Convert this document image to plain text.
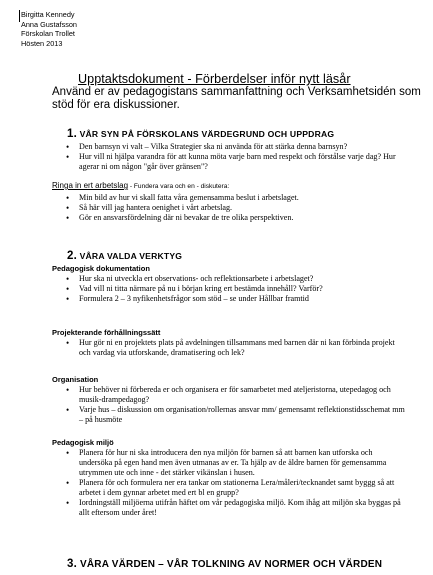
Birgitta Kennedy
Anna Gustafsson
Förskolan Trollet
Hösten 2013
Upptaktsdokument - Förberdelser inför nytt läsår
Använd er av pedagogistans sammanfattning och Verksamhetsidén som stöd för era diskussioner.
1. VÅR SYN PÅ FÖRSKOLANS VÄRDEGRUND OCH UPPDRAG
• Den barnsyn vi valt – Vilka Strategier ska ni använda för att stärka denna barnsyn?
• Hur vill ni hjälpa varandra för att kunna möta varje barn med respekt och förstålse varje dag? Hur agerar ni om någon "går över gränsen"?
Ringa in ert arbetslag - Fundera vara och en - diskutera:
• Min bild av hur vi skall fatta våra gemensamma beslut i arbetslaget.
• Så här vill jag hantera oenighet i vårt arbetslag.
• Gör en ansvarsfördelning där ni bevakar de tre olika perspektiven.
2. VÅRA VALDA VERKTYG
Pedagogisk dokumentation
• Hur ska ni utveckla ert observations- och reflektionsarbete i arbetslaget?
• Vad vill ni titta närmare på nu i början kring ert bestämda innehåll? Varför?
• Formulera 2 – 3 nyfikenhetsfrågor som stöd – se under Hållbar framtid
Projekterande förhållningssätt
• Hur gör ni en projektets plats på avdelningen tillsammans med barnen där ni kan förbinda projekt och vardag via utforskande, dramatisering och lek?
Organisation
• Hur behöver ni förbereda er och organisera er för samarbetet med ateljeristorna, utepedagog och musik-drampedagog?
• Varje hus – diskussion om organisation/rollernas ansvar mm/ gemensamt reflektionstidsschemat mm – på husmöte
Pedagogisk miljö
• Planera för hur ni ska introducera den nya miljön för barnen så att barnen kan utforska och undersöka på egen hand men även utmanas av er. Ta hjälp av de äldre barnen för gemensamma utrymmen ute och inne - det stärker vikänslan i husen.
• Planera för och formulera ner era tankar om stationerna Lera/måleri/tecknandet samt byggg så att arbetet i dem gynnar arbetet med ert bl en grupp?
• Iordningställ miljöerna utifrån häftet om vår pedagogiska miljö. Kom ihåg att miljön ska byggas på allt eftersom under året!
3. VÅRA VÄRDEN – VÅR TOLKNING AV NORMER OCH VÄRDEN
